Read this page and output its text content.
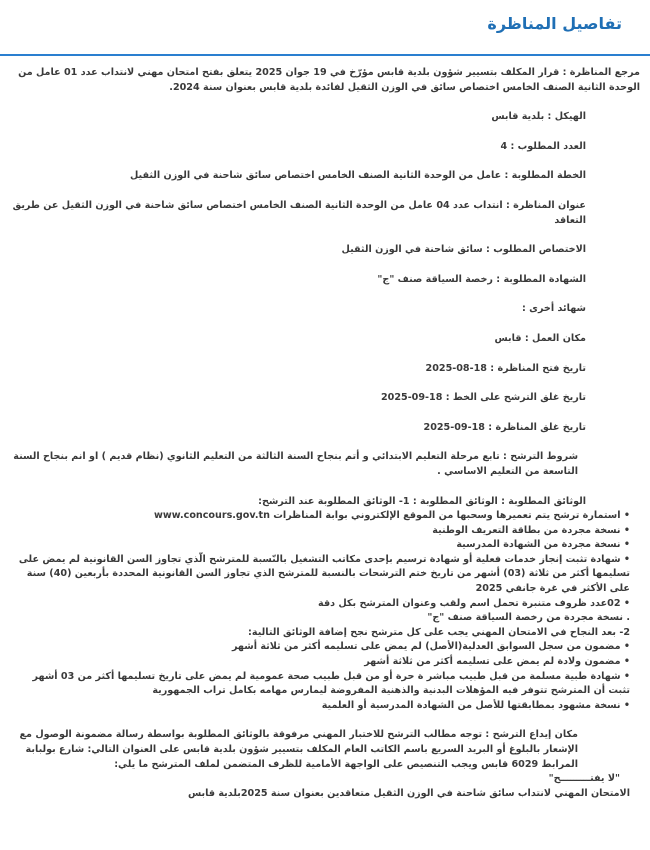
تفاصيل المناظرة

مرجع المناظرة : قرار المكلف بتسيير شؤون بلدية قابس مؤرّخ في 19 جوان 2025 يتعلق بفتح امتحان مهني لانتداب عدد 01 عامل من الوحدة الثانية الصنف الخامس اختصاص سائق في الوزن الثقيل لفائدة بلدية قابس بعنوان سنة 2024.

الهيكل : بلدية قابس

العدد المطلوب : 4

الخطة المطلوبة : عامل من الوحدة الثانية الصنف الخامس اختصاص سائق شاحنة في الوزن الثقيل

عنوان المناظرة : انتداب عدد 04 عامل من الوحدة الثانية الصنف الخامس اختصاص سائق شاحنة في الوزن الثقيل عن طريق التعاقد

الاختصاص المطلوب : سائق شاحنة في الوزن الثقيل

الشهادة المطلوبة : رخصة السياقة صنف "ج"

شهائد أخرى :

مكان العمل : قابس

تاريخ فتح المناظرة : 18-08-2025

تاريخ غلق الترشح على الخط : 18-09-2025

تاريخ غلق المناظرة : 18-09-2025

شروط الترشح : تابع مرحلة التعليم الابتدائي و أتم بنجاح السنة الثالثة من التعليم الثانوي (نظام قديم ) او انم بنجاح السنة التاسعة من التعليم الاساسي .

الوثائق المطلوبة : الوثائق المطلوبة : 1- الوثائق المطلوبة عند الترشح:

• استمارة ترشح يتم تعميرها وسحبها من الموقع الإلكتروني بوابة المناظرات www.concours.gov.tn

• نسخة مجردة من بطاقة التعريف الوطنية

• نسخة مجردة من الشهادة المدرسية

• شهادة تثبت إنجاز خدمات فعلية أو شهادة ترسيم بإحدى مكاتب التشغيل بالنّسبة للمترشح الّذي تجاوز السن القانونية لم يمض على تسليمها أكثر من ثلاثة (03) أشهر من تاريخ ختم الترشحات بالنسبة للمترشح الذي تجاوز السن القانونية المحددة بأربعين (40) سنة على الأكثر في غرة جانفي 2025

• 02عدد ظروف متنبرة تحمل اسم ولقب وعنوان المترشح بكل دقة

. نسخة مجردة من رخصة السياقة صنف "ج"

2- بعد النجاح في الامتحان المهني يجب على كل مترشح نجح إضافة الوثائق التالية:

• مضمون من سجل السوابق العدلية(الأصل) لم يمض على تسليمه أكثر من ثلاثة أشهر

• مضمون ولادة لم يمض على تسليمه أكثر من ثلاثة أشهر

• شهادة طبية مسلمة من قبل طبيب مباشر ة حرة أو من قبل طبيب صحة عمومية لم يمض على تاريخ تسليمها أكثر من 03 أشهر تثبت أن المترشح تتوفر فيه المؤهلات البدنية والذهنية المفروضة ليمارس مهامه بكامل تراب الجمهورية

• نسخة مشهود بمطابقتها للأصل من الشهادة المدرسية أو العلمية

مكان إيداع الترشح : توجه مطالب الترشح للاختبار المهني مرفوقة بالوثائق المطلوبة بواسطة رسالة مضمونة الوصول مع الإشعار بالبلوغ أو البريد السريع باسم الكاتب العام المكلف بتسيير شؤون بلدية قابس على العنوان التالي: شارع بولبابة المرابط 6029 قابس ويجب التنصيص على الواجهة الأمامية للظرف المتضمن لملف المترشح ما يلي:

"لا يفتـــــــــح"

الامتحان المهني لانتداب سائق شاحنة في الوزن الثقيل متعاقدين بعنوان سنة 2025بلدية قابس
